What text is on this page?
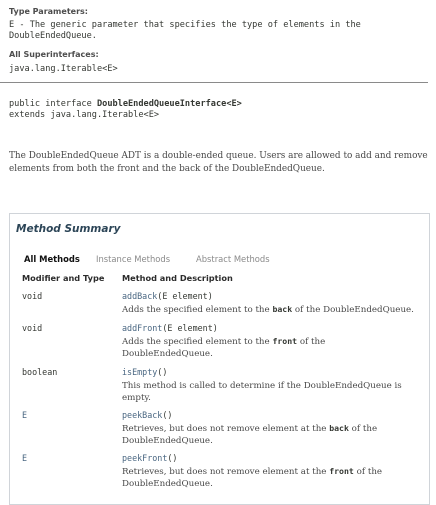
Type Parameters:
E - The generic parameter that specifies the type of elements in the
DoubleEndedQueue.
All Superinterfaces:
java.lang.Iterable<E>
public interface DoubleEndedQueueInterface<E>
extends java.lang.Iterable<E>
The DoubleEndedQueue ADT is a double-ended queue. Users are allowed to add and remove
elements from both the front and the back of the DoubleEndedQueue.
Method Summary
All Methods Instance Methods	Abstract Methods
Modifier and Type Method and Description
void	addBack(E element)
Adds the specified element to the back of the DoubleEndedQueue.
void	addFront(E element)
Adds the specified element to the front of the
DoubleEndedQueue.
boolean	isEmpty()
This method is called to determine if the DoubleEndedQueue is
empty.
E	peekBack()
Retrieves, but does not remove element at the back of the
DoubleEndedQueue.
E	peekFront()
Retrieves, but does not remove element at the front of the
DoubleEndedQueue.
